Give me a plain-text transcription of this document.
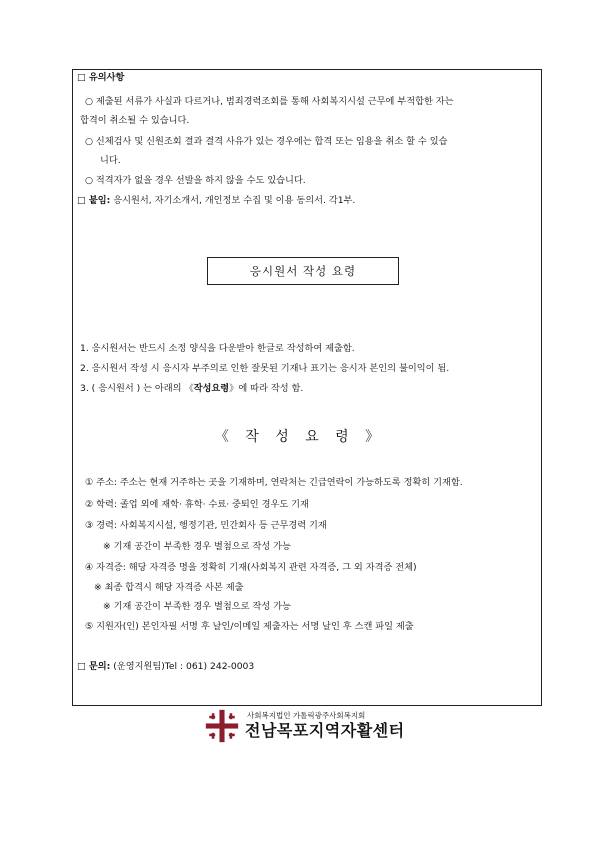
□ 유의사항
○ 제출된 서류가 사실과 다르거나, 범죄경력조회를 통해 사회복지시설 근무에 부적합한 자는
합격이 취소될 수 있습니다.
○ 신체검사 및 신원조회 결과 결격 사유가 있는 경우에는 합격 또는 임용을 취소 할 수 있습
니다.
○ 적격자가 없을 경우 선발을 하지 않을 수도 있습니다.
□ 붙임: 응시원서, 자기소개서, 개인정보 수집 및 이용 동의서. 각1부.
응시원서 작성 요령
1. 응시원서는 반드시 소정 양식을 다운받아 한글로 작성하여 제출함.
2. 응시원서 작성 시 응시자 부주의로 인한 잘못된 기재나 표기는 응시자 본인의 불이익이 됨.
3. ( 응시원서 ) 는 아래의 《작성요령》에 따라 작성 함.
《 작 성 요 령 》
① 주소: 주소는 현재 거주하는 곳을 기재하며, 연락처는 긴급연락이 가능하도록 정확히 기재함.
② 학력: 졸업 외에 재학· 휴학· 수료· 중퇴인 경우도 기재
③ 경력: 사회복지시설, 행정기관, 민간회사 등 근무경력 기재
※ 기재 공간이 부족한 경우 별첨으로 작성 가능
④ 자격증: 해당 자격증 명을 정확히 기재(사회복지 관련 자격증, 그 외 자격증 전체)
※ 최종 합격시 해당 자격증 사본 제출
※ 기재 공간이 부족한 경우 별첨으로 작성 가능
⑤ 지원자(인) 본인자필 서명 후 날인/이메일 제출자는 서명 날인 후 스캔 파일 제출
□ 문의: (운영지원팀)Tel : 061) 242-0003
사회복지법인 가톨릭광주사회복지회
전남목포지역자활센터
